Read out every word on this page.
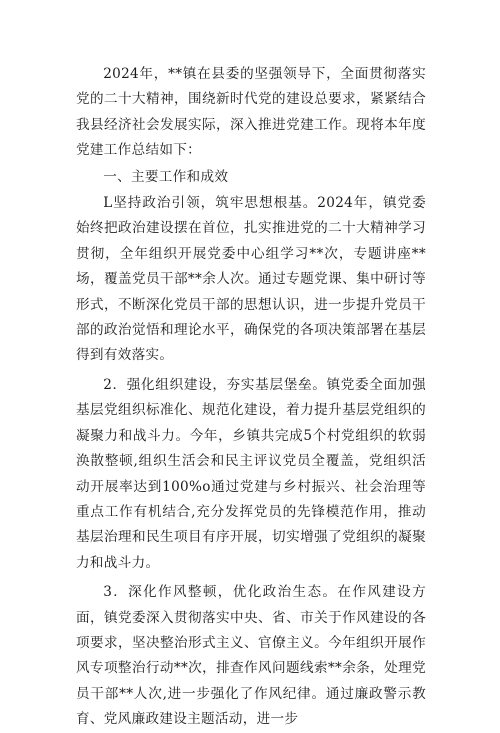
2024年，**镇在县委的坚强领导下，全面贯彻落实党的二十大精神，围绕新时代党的建设总要求，紧紧结合我县经济社会发展实际，深入推进党建工作。现将本年度党建工作总结如下：

一、主要工作和成效

L坚持政治引领，筑牢思想根基。2024年，镇党委始终把政治建设摆在首位，扎实推进党的二十大精神学习贯彻，全年组织开展党委中心组学习**次，专题讲座**场，覆盖党员干部**余人次。通过专题党课、集中研讨等形式，不断深化党员干部的思想认识，进一步提升党员干部的政治觉悟和理论水平，确保党的各项决策部署在基层得到有效落实。

2．强化组织建设，夯实基层堡垒。镇党委全面加强基层党组织标准化、规范化建设，着力提升基层党组织的凝聚力和战斗力。今年，乡镇共完成5个村党组织的软弱涣散整顿,组织生活会和民主评议党员全覆盖，党组织活动开展率达到100%o通过党建与乡村振兴、社会治理等重点工作有机结合,充分发挥党员的先锋模范作用，推动基层治理和民生项目有序开展，切实增强了党组织的凝聚力和战斗力。

3．深化作风整顿，优化政治生态。在作风建设方面，镇党委深入贯彻落实中央、省、市关于作风建设的各项要求，坚决整治形式主义、官僚主义。今年组织开展作风专项整治行动**次，排查作风问题线索**余条，处理党员干部**人次,进一步强化了作风纪律。通过廉政警示教育、党风廉政建设主题活动，进一步
